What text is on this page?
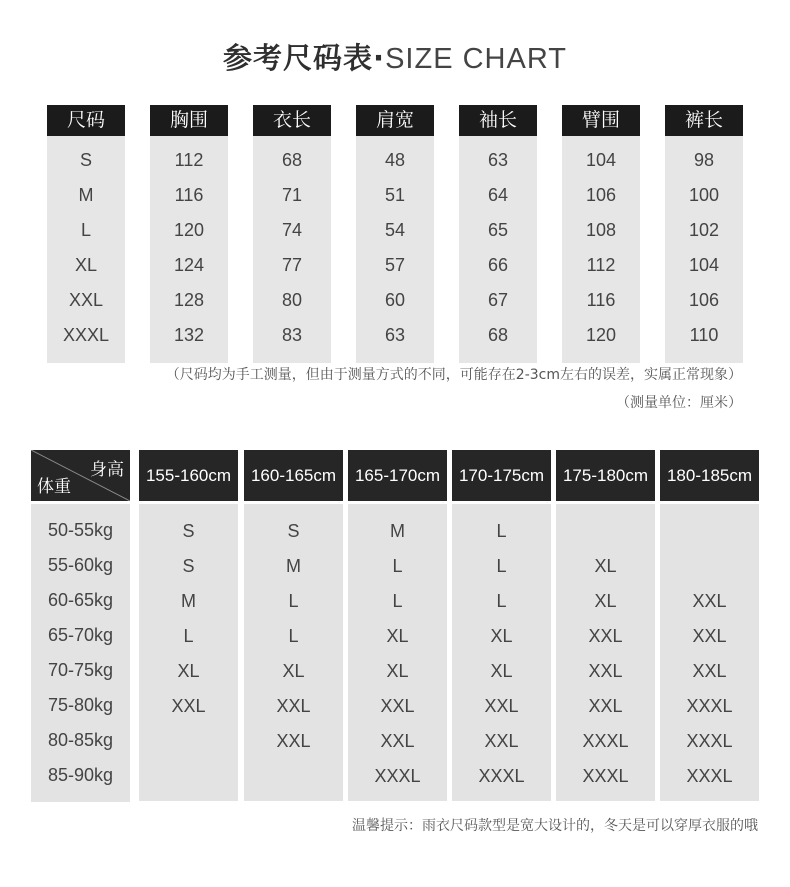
参考尺码表·SIZE CHART
尺码
S
M
L
XL
XXL
XXXL
胸围
112
116
120
124
128
132
衣长
68
71
74
77
80
83
肩宽
48
51
54
57
60
63
袖长
63
64
65
66
67
68
臂围
104
106
108
112
116
120
裤长
98
100
102
104
106
110
（尺码均为手工测量，但由于测量方式的不同，可能存在2-3cm左右的误差，实属正常现象）
（测量单位：厘米）
身高
体重
50-55kg
55-60kg
60-65kg
65-70kg
70-75kg
75-80kg
80-85kg
85-90kg
155-160cm
S
S
M
L
XL
XXL
160-165cm
S
M
L
L
XL
XXL
XXL
165-170cm
M
L
L
XL
XL
XXL
XXL
XXXL
170-175cm
L
L
L
XL
XL
XXL
XXL
XXXL
175-180cm
XL
XL
XXL
XXL
XXL
XXXL
XXXL
180-185cm
XXL
XXL
XXL
XXXL
XXXL
XXXL
温馨提示：雨衣尺码款型是宽大设计的，冬天是可以穿厚衣服的哦
